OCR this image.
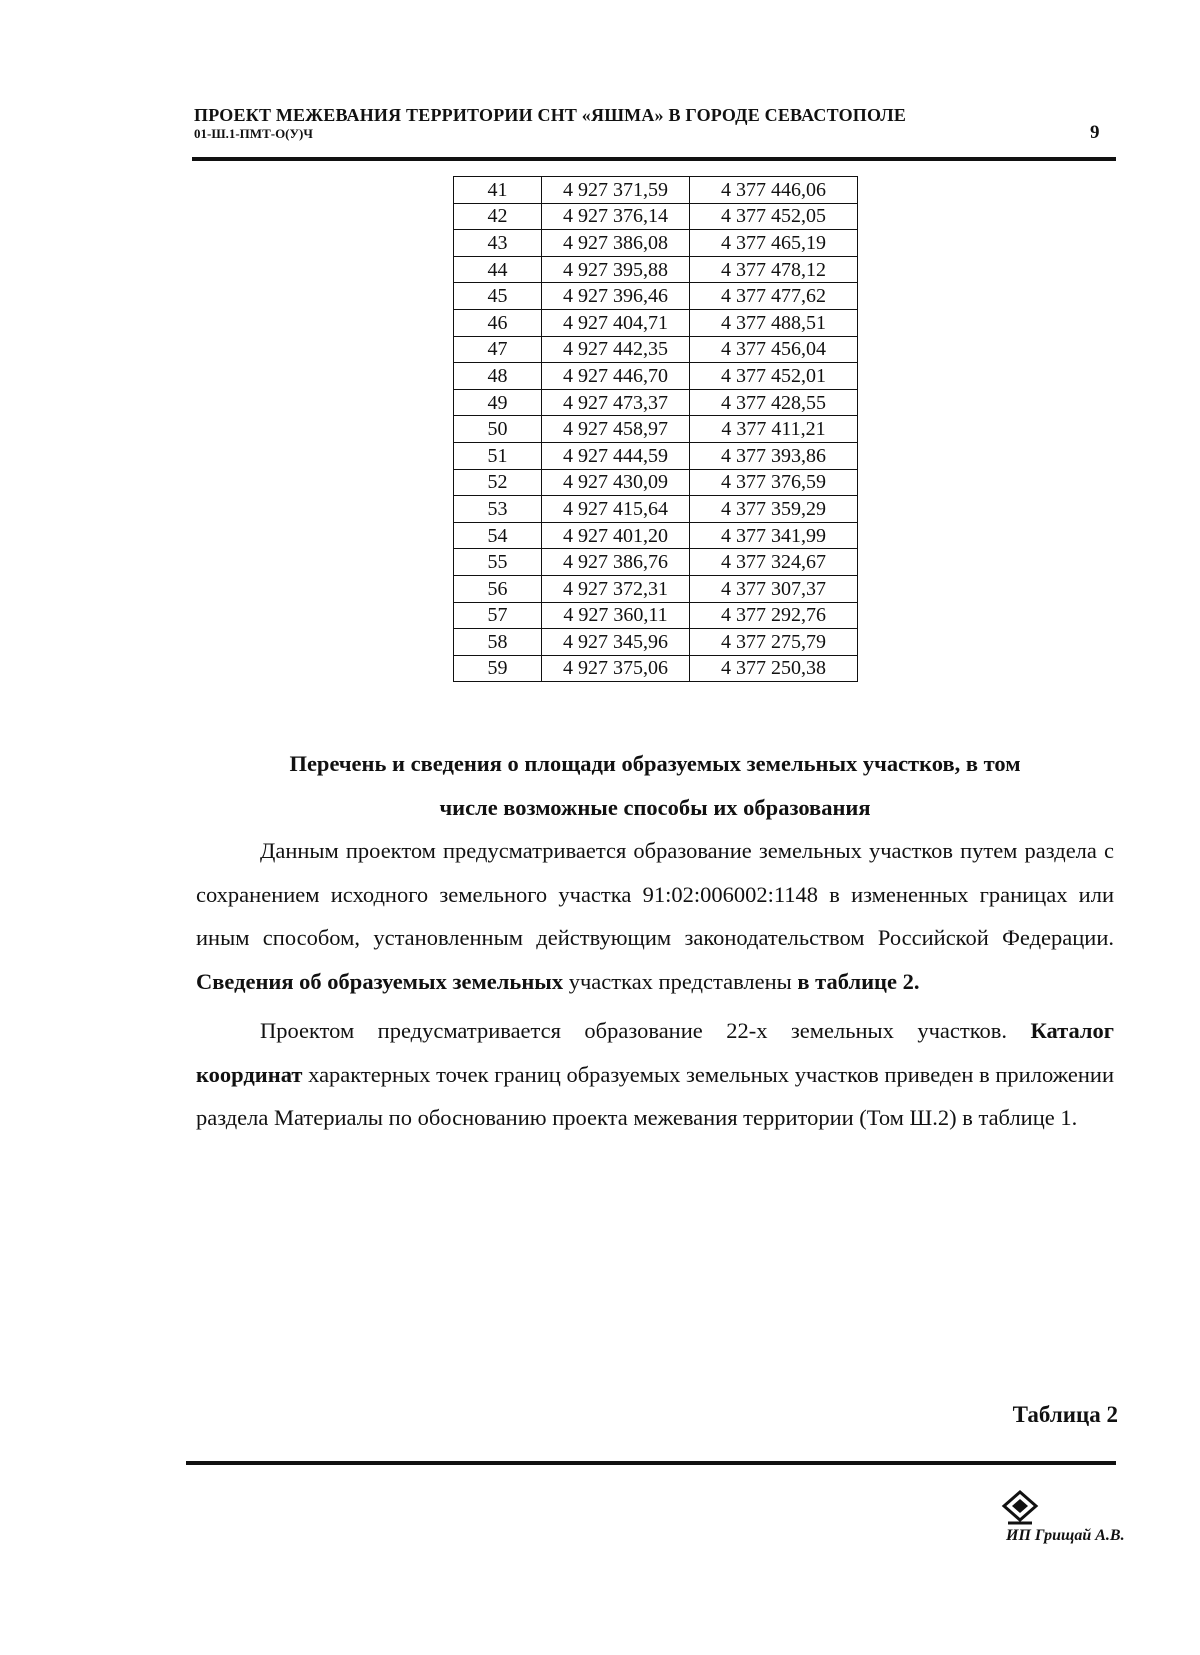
ПРОЕКТ МЕЖЕВАНИЯ ТЕРРИТОРИИ СНТ «ЯШМА» В ГОРОДЕ СЕВАСТОПОЛЕ
01-Ш.1-ПМТ-О(У)Ч	9
41	4 927 371,59	4 377 446,06
42	4 927 376,14	4 377 452,05
43	4 927 386,08	4 377 465,19
44	4 927 395,88	4 377 478,12
45	4 927 396,46	4 377 477,62
46	4 927 404,71	4 377 488,51
47	4 927 442,35	4 377 456,04
48	4 927 446,70	4 377 452,01
49	4 927 473,37	4 377 428,55
50	4 927 458,97	4 377 411,21
51	4 927 444,59	4 377 393,86
52	4 927 430,09	4 377 376,59
53	4 927 415,64	4 377 359,29
54	4 927 401,20	4 377 341,99
55	4 927 386,76	4 377 324,67
56	4 927 372,31	4 377 307,37
57	4 927 360,11	4 377 292,76
58	4 927 345,96	4 377 275,79
59	4 927 375,06	4 377 250,38

Перечень и сведения о площади образуемых земельных участков, в том
числе возможные способы их образования

Данным проектом предусматривается образование земельных участков путем раздела с сохранением исходного земельного участка 91:02:006002:1148 в измененных границах или иным способом, установленным действующим законодательством Российской Федерации. Сведения об образуемых земельных участках представлены в таблице 2.

Проектом предусматривается образование 22-х земельных участков. Каталог координат характерных точек границ образуемых земельных участков приведен в приложении раздела Материалы по обоснованию проекта межевания территории (Том Ш.2) в таблице 1.

Таблица 2
ИП Грищай А.В.
